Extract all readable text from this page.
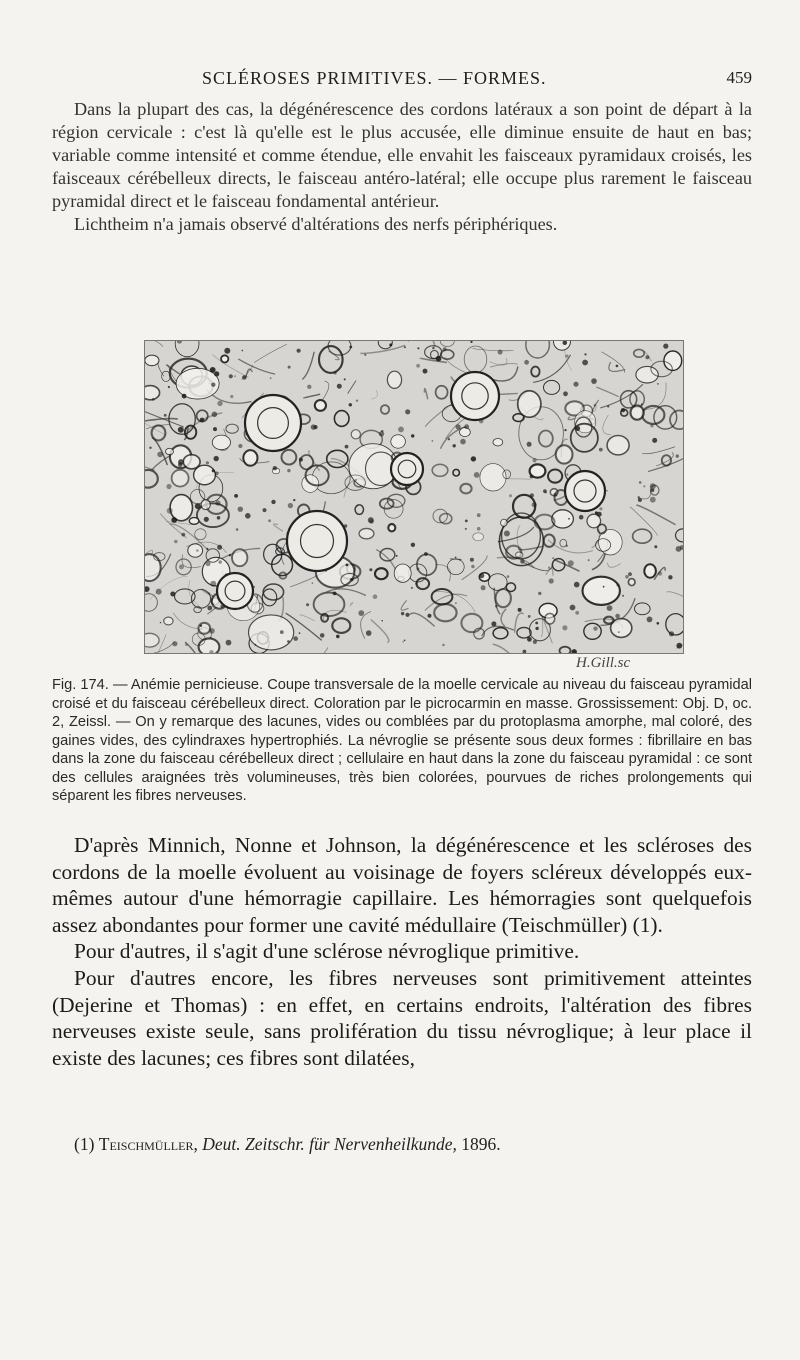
SCLÉROSES PRIMITIVES. — FORMES.	459

Dans la plupart des cas, la dégénérescence des cordons latéraux a son point de départ à la région cervicale : c'est là qu'elle est le plus accusée, elle diminue ensuite de haut en bas; variable comme intensité et comme étendue, elle envahit les faisceaux pyramidaux croisés, les faisceaux cérébelleux directs, le faisceau antéro-latéral; elle occupe plus rarement le faisceau pyramidal direct et le faisceau fondamental antérieur.

Lichtheim n'a jamais observé d'altérations des nerfs périphériques.

H.Gill.sc

Fig. 174. — Anémie pernicieuse. Coupe transversale de la moelle cervicale au niveau du faisceau pyramidal croisé et du faisceau cérébelleux direct. Coloration par le picrocarmin en masse. Grossissement: Obj. D, oc. 2, Zeissl. — On y remarque des lacunes, vides ou comblées par du protoplasma amorphe, mal coloré, des gaines vides, des cylindraxes hypertrophiés. La névroglie se présente sous deux formes : fibrillaire en bas dans la zone du faisceau cérébelleux direct ; cellulaire en haut dans la zone du faisceau pyramidal : ce sont des cellules araignées très volumineuses, très bien colorées, pourvues de riches prolongements qui séparent les fibres nerveuses.

D'après Minnich, Nonne et Johnson, la dégénérescence et les scléroses des cordons de la moelle évoluent au voisinage de foyers scléreux développés eux-mêmes autour d'une hémorragie capillaire. Les hémorragies sont quelquefois assez abondantes pour former une cavité médullaire (Teischmüller) (1).

Pour d'autres, il s'agit d'une sclérose névroglique primitive.

Pour d'autres encore, les fibres nerveuses sont primitivement atteintes (Dejerine et Thomas) : en effet, en certains endroits, l'altération des fibres nerveuses existe seule, sans prolifération du tissu névroglique; à leur place il existe des lacunes; ces fibres sont dilatées,

(1) Teischmüller, Deut. Zeitschr. für Nervenheilkunde, 1896.
